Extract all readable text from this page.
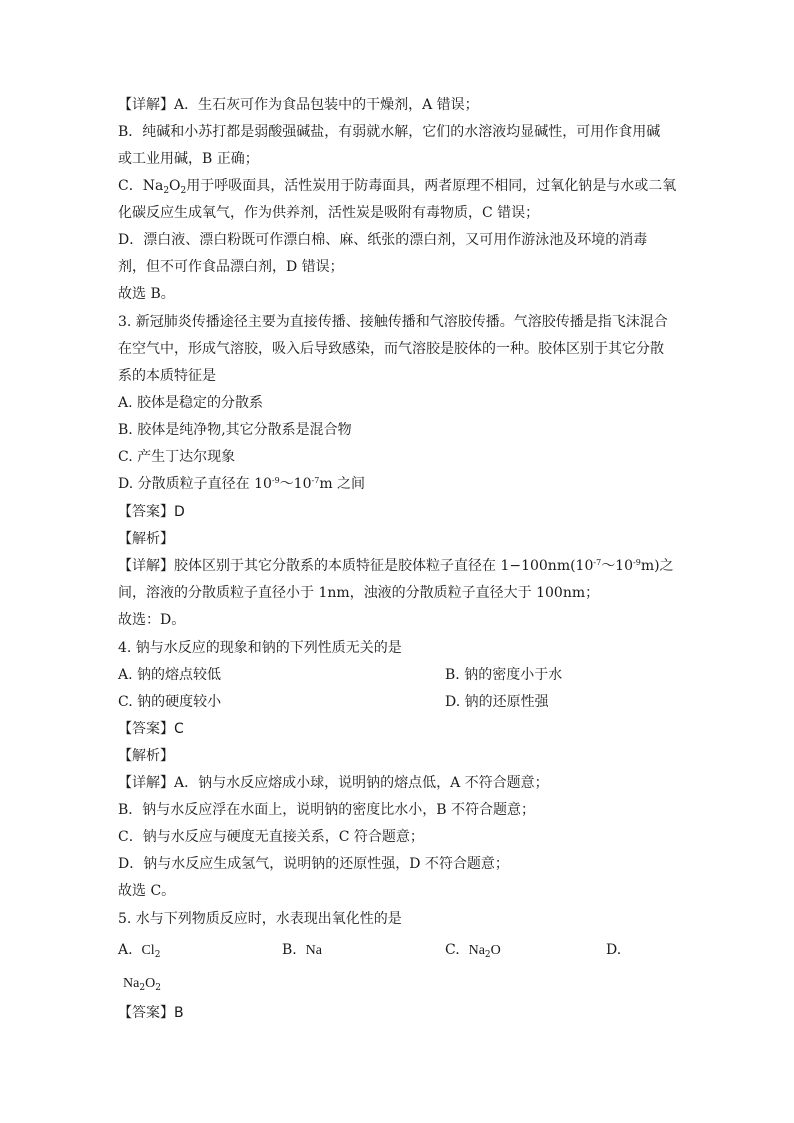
【详解】A．生石灰可作为食品包装中的干燥剂，A 错误；
B．纯碱和小苏打都是弱酸强碱盐，有弱就水解，它们的水溶液均显碱性，可用作食用碱
或工业用碱，B 正确；
C．$Na_2O_2$用于呼吸面具，活性炭用于防毒面具，两者原理不相同，过氧化钠是与水或二氧
化碳反应生成氧气，作为供养剂，活性炭是吸附有毒物质，C 错误；
D．漂白液、漂白粉既可作漂白棉、麻、纸张的漂白剂，又可用作游泳池及环境的消毒
剂，但不可作食品漂白剂，D 错误；
故选 B。
3. 新冠肺炎传播途径主要为直接传播、接触传播和气溶胶传播。气溶胶传播是指飞沫混合
在空气中，形成气溶胶，吸入后导致感染，而气溶胶是胶体的一种。胶体区别于其它分散
系的本质特征是
A. 胶体是稳定的分散系
B. 胶体是纯净物,其它分散系是混合物
C. 产生丁达尔现象
D. 分散质粒子直径在 $10^{-9}\sim 10^{-7}m$ 之间
【答案】D
【解析】
【详解】胶体区别于其它分散系的本质特征是胶体粒子直径在 $1-100nm(10^{-7}\sim 10^{-9}m)$之
间，溶液的分散质粒子直径小于 1nm，浊液的分散质粒子直径大于 100nm；
故选：D。
4. 钠与水反应的现象和钠的下列性质无关的是
A. 钠的熔点较低	B. 钠的密度小于水
C. 钠的硬度较小	D. 钠的还原性强
【答案】C
【解析】
【详解】A．钠与水反应熔成小球，说明钠的熔点低，A 不符合题意；
B．钠与水反应浮在水面上，说明钠的密度比水小，B 不符合题意；
C．钠与水反应与硬度无直接关系，C 符合题意；
D．钠与水反应生成氢气，说明钠的还原性强，D 不符合题意；
故选 C。
5. 水与下列物质反应时，水表现出氧化性的是
A. $Cl_2$	B. Na	C. $Na_2O$	D.
$Na_2O_2$
【答案】B
